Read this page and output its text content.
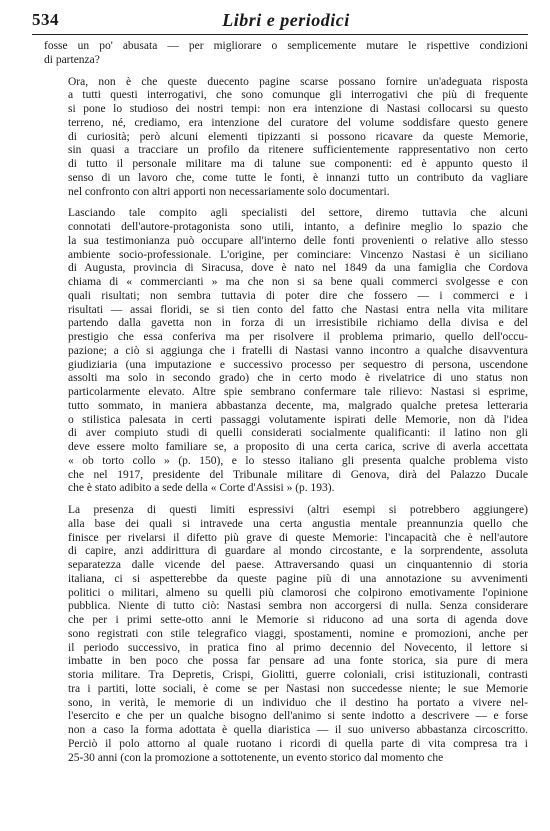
534	Libri e periodici

fosse un po' abusata — per migliorare o semplicemente mutare le rispettive condizioni
di partenza?

Ora, non è che queste duecento pagine scarse possano fornire un'adeguata risposta
a tutti questi interrogativi, che sono comunque gli interrogativi che più di frequente
si pone lo studioso dei nostri tempi: non era intenzione di Nastasi collocarsi su questo
terreno, né, crediamo, era intenzione del curatore del volume soddisfare questo genere
di curiosità; però alcuni elementi tipizzanti si possono ricavare da queste Memorie,
sin quasi a tracciare un profilo da ritenere sufficientemente rappresentativo non certo
di tutto il personale militare ma di talune sue componenti: ed è appunto questo il
senso di un lavoro che, come tutte le fonti, è innanzi tutto un contributo da vagliare
nel confronto con altri apporti non necessariamente solo documentari.

Lasciando tale compito agli specialisti del settore, diremo tuttavia che alcuni
connotati dell'autore-protagonista sono utili, intanto, a definire meglio lo spazio che
la sua testimonianza può occupare all'interno delle fonti provenienti o relative allo stesso
ambiente socio-professionale. L'origine, per cominciare: Vincenzo Nastasi è un siciliano
di Augusta, provincia di Siracusa, dove è nato nel 1849 da una famiglia che Cordova
chiama di « commercianti » ma che non si sa bene quali commerci svolgesse e con
quali risultati; non sembra tuttavia di poter dire che fossero — i commerci e i
risultati — assai floridi, se si tien conto del fatto che Nastasi entra nella vita militare
partendo dalla gavetta non in forza di un irresistibile richiamo della divisa e del
prestigio che essa conferiva ma per risolvere il problema primario, quello dell'occu-
pazione; a ciò si aggiunga che i fratelli di Nastasi vanno incontro a qualche disavventura
giudiziaria (una imputazione e successivo processo per sequestro di persona, uscendone
assolti ma solo in secondo grado) che in certo modo è rivelatrice di uno status non
particolarmente elevato. Altre spie sembrano confermare tale rilievo: Nastasi si esprime,
tutto sommato, in maniera abbastanza decente, ma, malgrado qualche pretesa letteraria
o stilistica palesata in certi passaggi volutamente ispirati delle Memorie, non dà l'idea
di aver compiuto studi di quelli considerati socialmente qualificanti: il latino non gli
deve essere molto familiare se, a proposito di una certa carica, scrive di averla accettata
« ob torto collo » (p. 150), e lo stesso italiano gli presenta qualche problema visto
che nel 1917, presidente del Tribunale militare di Genova, dirà del Palazzo Ducale
che è stato adibito a sede della « Corte d'Assisi » (p. 193).

La presenza di questi limiti espressivi (altri esempi si potrebbero aggiungere)
alla base dei quali si intravede una certa angustia mentale preannunzia quello che
finisce per rivelarsi il difetto più grave di queste Memorie: l'incapacità che è nell'autore
di capire, anzi addirittura di guardare al mondo circostante, e la sorprendente, assoluta
separatezza dalle vicende del paese. Attraversando quasi un cinquantennio di storia
italiana, ci si aspetterebbe da queste pagine più di una annotazione su avvenimenti
politici o militari, almeno su quelli più clamorosi che colpirono emotivamente l'opinione
pubblica. Niente di tutto ciò: Nastasi sembra non accorgersi di nulla. Senza considerare
che per i primi sette-otto anni le Memorie si riducono ad una sorta di agenda dove
sono registrati con stile telegrafico viaggi, spostamenti, nomine e promozioni, anche per
il periodo successivo, in pratica fino al primo decennio del Novecento, il lettore si
imbatte in ben poco che possa far pensare ad una fonte storica, sia pure di mera
storia militare. Tra Depretis, Crispi, Giolitti, guerre coloniali, crisi istituzionali, contrasti
tra i partiti, lotte sociali, è come se per Nastasi non succedesse niente; le sue Memorie
sono, in verità, le memorie di un individuo che il destino ha portato a vivere nel-
l'esercito e che per un qualche bisogno dell'animo si sente indotto a descrivere — e forse
non a caso la forma adottata è quella diaristica — il suo universo abbastanza circoscritto.
Perciò il polo attorno al quale ruotano i ricordi di quella parte di vita compresa tra i
25-30 anni (con la promozione a sottotenente, un evento storico dal momento che
